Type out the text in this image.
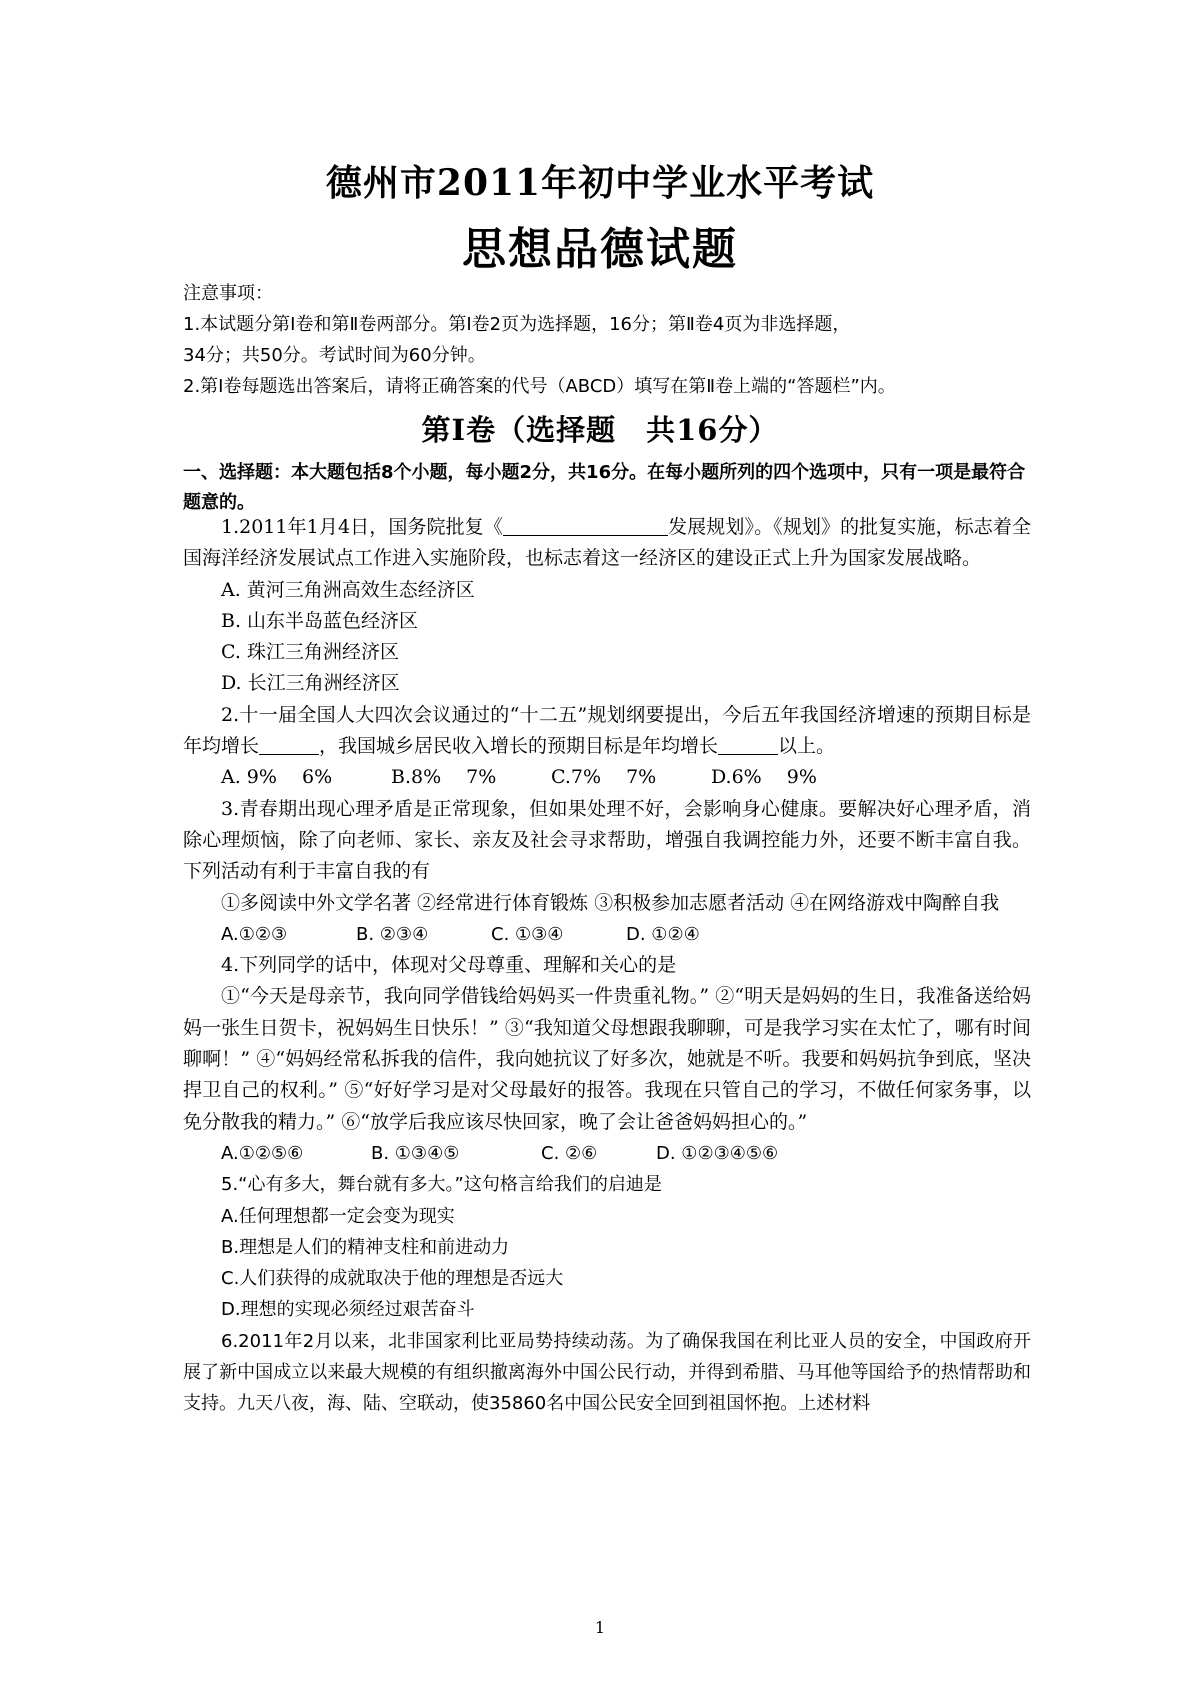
德州市2011年初中学业水平考试
思想品德试题
注意事项：
1.本试题分第Ⅰ卷和第Ⅱ卷两部分。第Ⅰ卷2页为选择题，16分；第Ⅱ卷4页为非选择题，
34分；共50分。考试时间为60分钟。
2.第Ⅰ卷每题选出答案后，请将正确答案的代号（ABCD）填写在第Ⅱ卷上端的“答题栏”内。
第Ⅰ卷（选择题　共16分）
一、选择题：本大题包括8个小题，每小题2分，共16分。在每小题所列的四个选项中，只有一项是最符合题意的。
1.2011年1月4日，国务院批复《	发展规划》。《规划》的批复实施，标志着全国海洋经济发展试点工作进入实施阶段，也标志着这一经济区的建设正式上升为国家发展战略。
A. 黄河三角洲高效生态经济区
B. 山东半岛蓝色经济区
C. 珠江三角洲经济区
D. 长江三角洲经济区
2.十一届全国人大四次会议通过的“十二五”规划纲要提出，今后五年我国经济增速的预期目标是年均增长	，我国城乡居民收入增长的预期目标是年均增长	以上。
A. 9%　 6%	B.8%　 7%	C.7%　 7%	D.6%　 9%
3.青春期出现心理矛盾是正常现象，但如果处理不好，会影响身心健康。要解决好心理矛盾，消除心理烦恼，除了向老师、家长、亲友及社会寻求帮助，增强自我调控能力外，还要不断丰富自我。下列活动有利于丰富自我的有
①多阅读中外文学名著 ②经常进行体育锻炼 ③积极参加志愿者活动 ④在网络游戏中陶醉自我
A.①②③	B. ②③④	C. ①③④	D. ①②④
4.下列同学的话中，体现对父母尊重、理解和关心的是
①“今天是母亲节，我向同学借钱给妈妈买一件贵重礼物。” ②“明天是妈妈的生日，我准备送给妈妈一张生日贺卡，祝妈妈生日快乐！” ③“我知道父母想跟我聊聊，可是我学习实在太忙了，哪有时间聊啊！” ④“妈妈经常私拆我的信件，我向她抗议了好多次，她就是不听。我要和妈妈抗争到底，坚决捍卫自己的权利。” ⑤“好好学习是对父母最好的报答。我现在只管自己的学习，不做任何家务事，以免分散我的精力。” ⑥“放学后我应该尽快回家，晚了会让爸爸妈妈担心的。”
A.①②⑤⑥	B. ①③④⑤	C. ②⑥	D. ①②③④⑤⑥
5.“心有多大，舞台就有多大。”这句格言给我们的启迪是
A.任何理想都一定会变为现实
B.理想是人们的精神支柱和前进动力
C.人们获得的成就取决于他的理想是否远大
D.理想的实现必须经过艰苦奋斗
6.2011年2月以来，北非国家利比亚局势持续动荡。为了确保我国在利比亚人员的安全，中国政府开展了新中国成立以来最大规模的有组织撤离海外中国公民行动，并得到希腊、马耳他等国给予的热情帮助和支持。九天八夜，海、陆、空联动，使35860名中国公民安全回到祖国怀抱。上述材料
1
